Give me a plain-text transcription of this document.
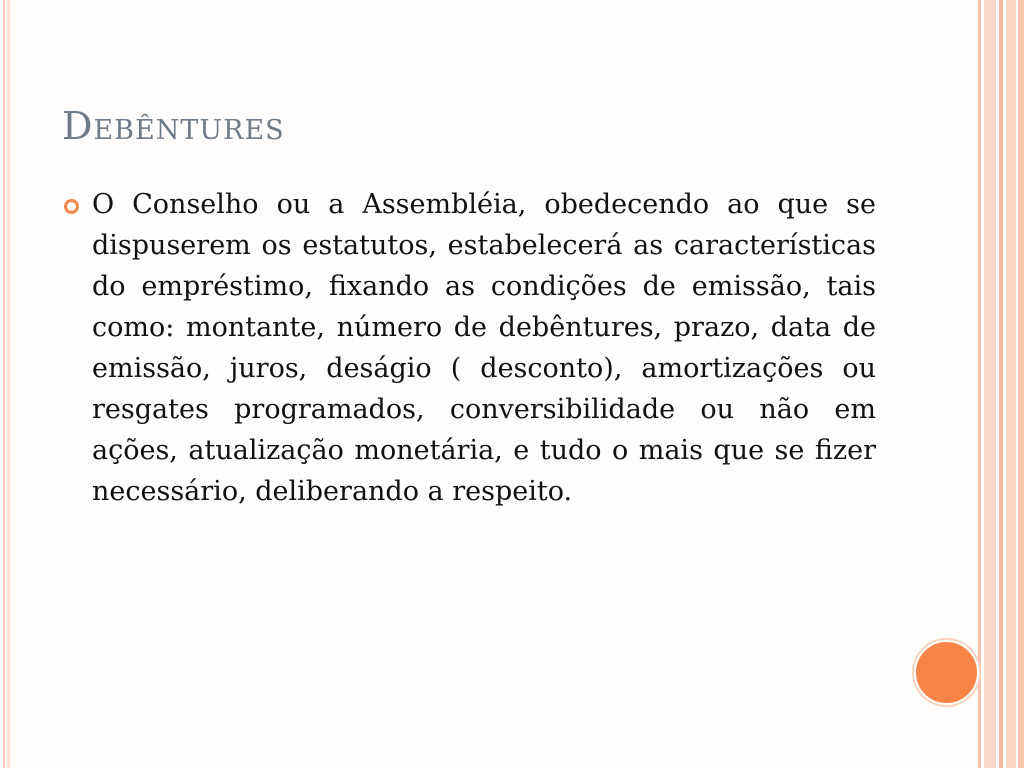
Debêntures

O Conselho ou a Assembléia, obedecendo ao que se dispuserem os estatutos, estabelecerá as características do empréstimo, fixando as condições de emissão, tais como: montante, número de debêntures, prazo, data de emissão, juros, deságio ( desconto), amortizações ou resgates programados, conversibilidade ou não em ações, atualização monetária, e tudo o mais que se fizer necessário, deliberando a respeito.
